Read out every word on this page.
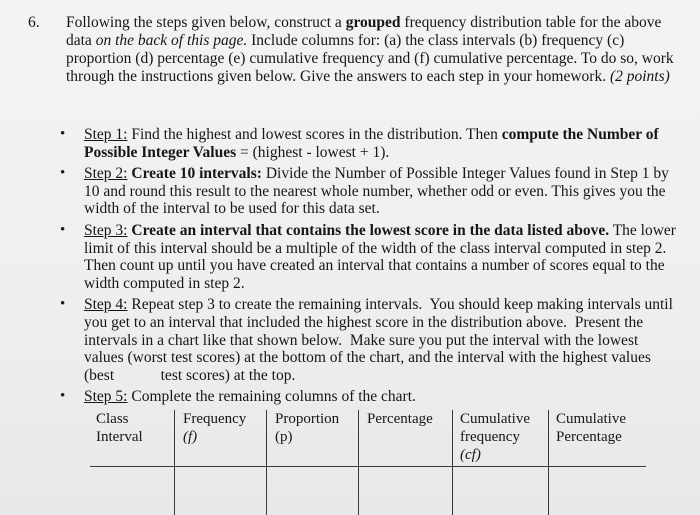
6. Following the steps given below, construct a grouped frequency distribution table for the above data on the back of this page. Include columns for: (a) the class intervals (b) frequency (c) proportion (d) percentage (e) cumulative frequency and (f) cumulative percentage. To do so, work through the instructions given below. Give the answers to each step in your homework. (2 points)
• Step 1: Find the highest and lowest scores in the distribution. Then compute the Number of Possible Integer Values = (highest - lowest + 1).
• Step 2: Create 10 intervals: Divide the Number of Possible Integer Values found in Step 1 by 10 and round this result to the nearest whole number, whether odd or even. This gives you the width of the interval to be used for this data set.
• Step 3: Create an interval that contains the lowest score in the data listed above. The lower limit of this interval should be a multiple of the width of the class interval computed in step 2. Then count up until you have created an interval that contains a number of scores equal to the width computed in step 2.
• Step 4: Repeat step 3 to create the remaining intervals.  You should keep making intervals until you get to an interval that included the highest score in the distribution above.  Present the intervals in a chart like that shown below.  Make sure you put the interval with the lowest values (worst test scores) at the bottom of the chart, and the interval with the highest values (best            test scores) at the top.
• Step 5: Complete the remaining columns of the chart.
Class
Interval
Frequency
(f)
Proportion
(p)
Percentage Cumulative
frequency
(cf)
Cumulative
Percentage
